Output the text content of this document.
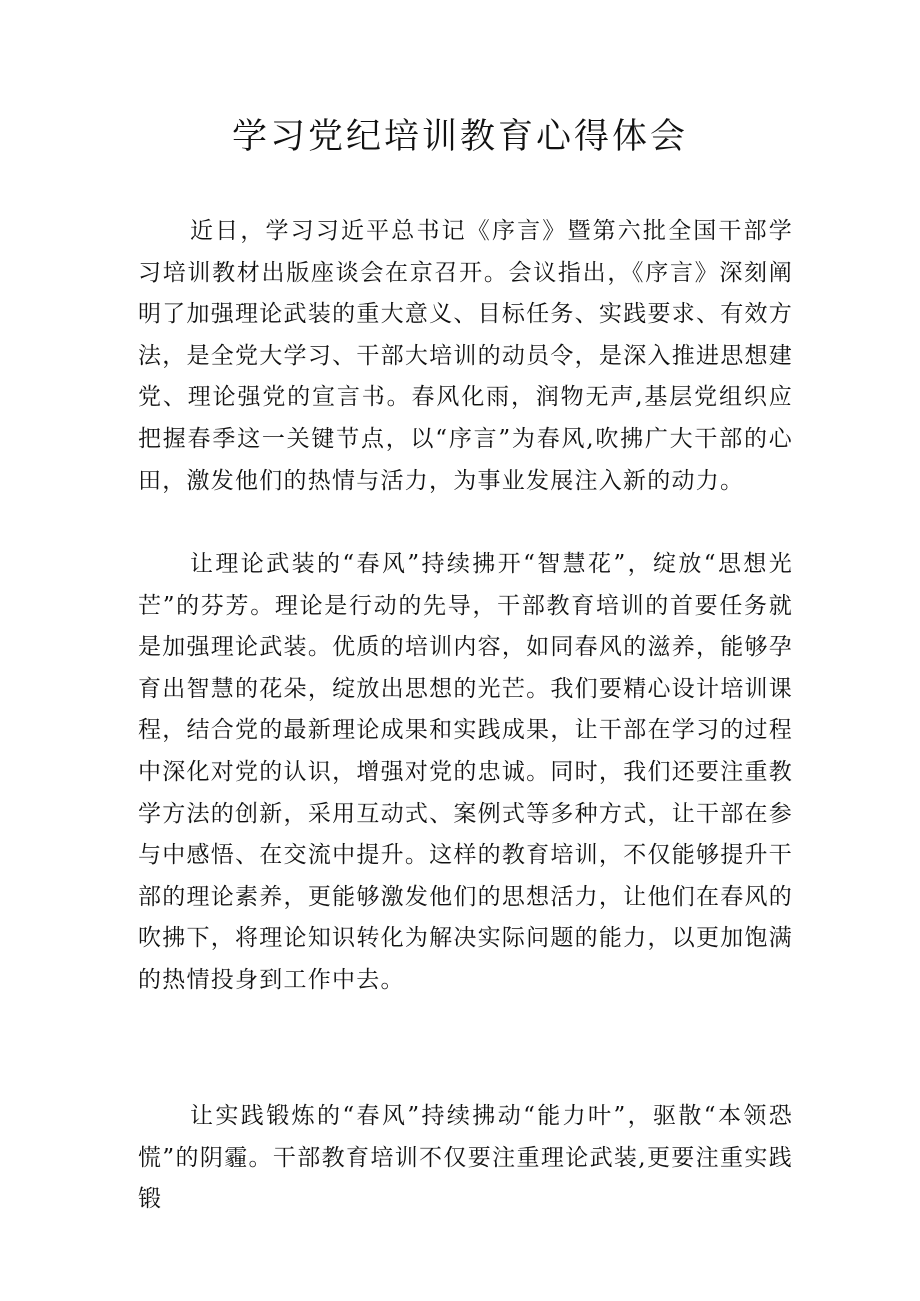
学习党纪培训教育心得体会

近日，学习习近平总书记《序言》暨第六批全国干部学习培训教材出版座谈会在京召开。会议指出，《序言》深刻阐明了加强理论武装的重大意义、目标任务、实践要求、有效方法，是全党大学习、干部大培训的动员令，是深入推进思想建党、理论强党的宣言书。春风化雨，润物无声,基层党组织应把握春季这一关键节点，以“序言”为春风,吹拂广大干部的心田，激发他们的热情与活力，为事业发展注入新的动力。

让理论武装的“春风”持续拂开“智慧花”，绽放“思想光芒”的芬芳。理论是行动的先导，干部教育培训的首要任务就是加强理论武装。优质的培训内容，如同春风的滋养，能够孕育出智慧的花朵，绽放出思想的光芒。我们要精心设计培训课程，结合党的最新理论成果和实践成果，让干部在学习的过程中深化对党的认识，增强对党的忠诚。同时，我们还要注重教学方法的创新，采用互动式、案例式等多种方式，让干部在参与中感悟、在交流中提升。这样的教育培训，不仅能够提升干部的理论素养，更能够激发他们的思想活力，让他们在春风的吹拂下，将理论知识转化为解决实际问题的能力，以更加饱满的热情投身到工作中去。

让实践锻炼的“春风”持续拂动“能力叶”，驱散“本领恐慌”的阴霾。干部教育培训不仅要注重理论武装,更要注重实践锻
